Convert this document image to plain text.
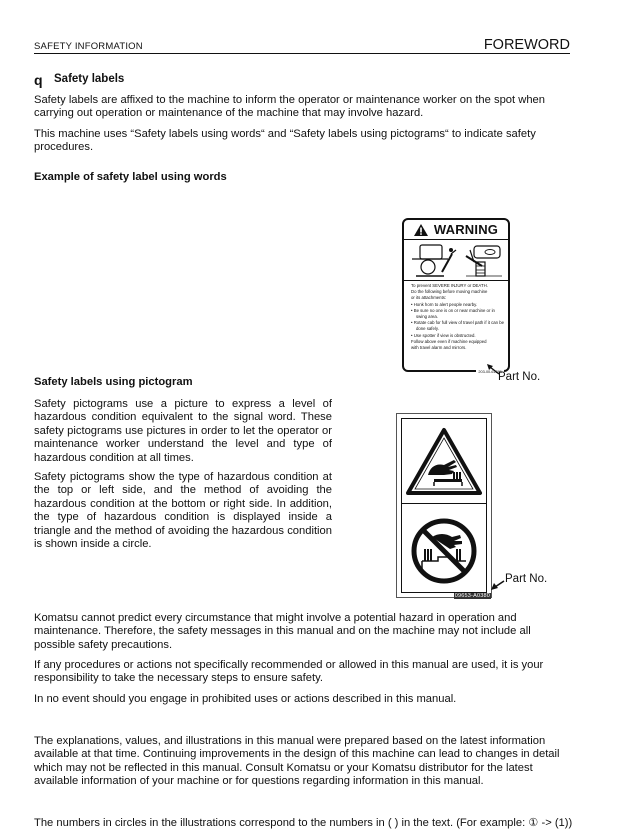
SAFETY INFORMATION	FOREWORD
q Safety labels
Safety labels are affixed to the machine to inform the operator or maintenance worker on the spot when carrying out operation or maintenance of the machine that may involve hazard.
This machine uses “Safety labels using words“ and “Safety labels using pictograms“ to indicate safety procedures.
Example of safety label using words
WARNING
To prevent SEVERE INJURY or DEATH.
Do the following before moving machine
or its attachments:
• Honk horn to alert people nearby.
• Be sure no one is on or near machine or in swing area.
• Rotate cab for full view of travel path if it can be done safely.
• Use spotter if view is obstructed.
Follow above even if machine equipped
with travel alarm and mirrors.
203-00-61291
Part No.
Safety labels using pictogram
Safety pictograms use a picture to express a level of hazardous condition equivalent to the signal word. These safety pictograms use pictures in order to let the operator or maintenance worker understand the level and type of hazardous condition at all times.
Safety pictograms show the type of hazardous condition at the top or left side, and the method of avoiding the hazardous condition at the bottom or right side. In addition, the type of hazardous condition is displayed inside a triangle and the method of avoiding the hazardous condition is shown inside a circle.
09653-A0380
Part No.
Komatsu cannot predict every circumstance that might involve a potential hazard in operation and maintenance. Therefore, the safety messages in this manual and on the machine may not include all possible safety precautions.
If any procedures or actions not specifically recommended or allowed in this manual are used, it is your responsibility to take the necessary steps to ensure safety.
In no event should you engage in prohibited uses or actions described in this manual.
The explanations, values, and illustrations in this manual were prepared based on the latest information available at that time. Continuing improvements in the design of this machine can lead to changes in detail which may not be reflected in this manual. Consult Komatsu or your Komatsu distributor for the latest available information of your machine or for questions regarding information in this manual.
The numbers in circles in the illustrations correspond to the numbers in ( ) in the text. (For example: ① -> (1))
